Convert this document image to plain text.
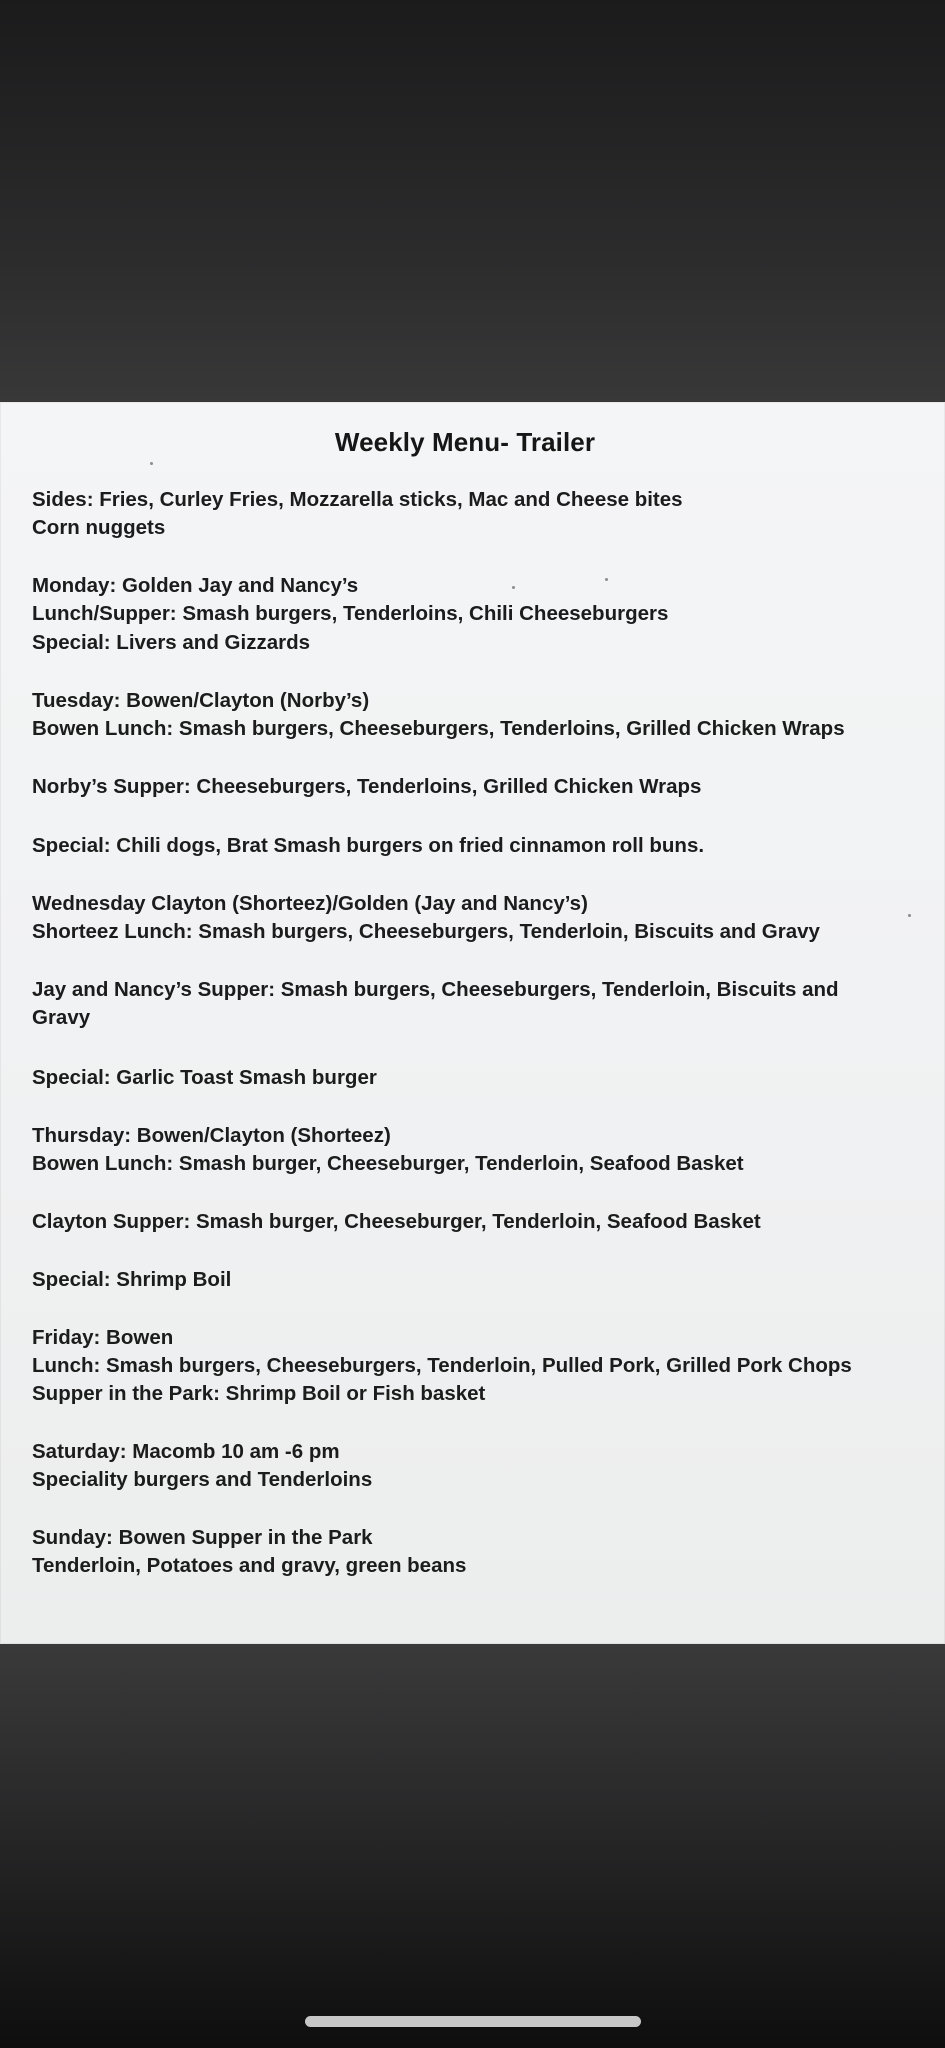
Weekly Menu- Trailer
Sides: Fries, Curley Fries, Mozzarella sticks, Mac and Cheese bites
Corn nuggets
Monday: Golden Jay and Nancy’s
Lunch/Supper: Smash burgers, Tenderloins, Chili Cheeseburgers
Special: Livers and Gizzards
Tuesday: Bowen/Clayton (Norby’s)
Bowen Lunch: Smash burgers, Cheeseburgers, Tenderloins, Grilled Chicken Wraps
Norby’s Supper: Cheeseburgers, Tenderloins, Grilled Chicken Wraps
Special: Chili dogs, Brat Smash burgers on fried cinnamon roll buns.
Wednesday Clayton (Shorteez)/Golden (Jay and Nancy’s)
Shorteez Lunch: Smash burgers, Cheeseburgers, Tenderloin, Biscuits and Gravy
Jay and Nancy’s Supper: Smash burgers, Cheeseburgers, Tenderloin, Biscuits and Gravy
Special: Garlic Toast Smash burger
Thursday: Bowen/Clayton (Shorteez)
Bowen Lunch: Smash burger, Cheeseburger, Tenderloin, Seafood Basket
Clayton Supper: Smash burger, Cheeseburger, Tenderloin, Seafood Basket
Special: Shrimp Boil
Friday: Bowen
Lunch: Smash burgers, Cheeseburgers, Tenderloin, Pulled Pork, Grilled Pork Chops
Supper in the Park: Shrimp Boil or Fish basket
Saturday: Macomb 10 am -6 pm
Speciality burgers and Tenderloins
Sunday: Bowen Supper in the Park
Tenderloin, Potatoes and gravy, green beans
